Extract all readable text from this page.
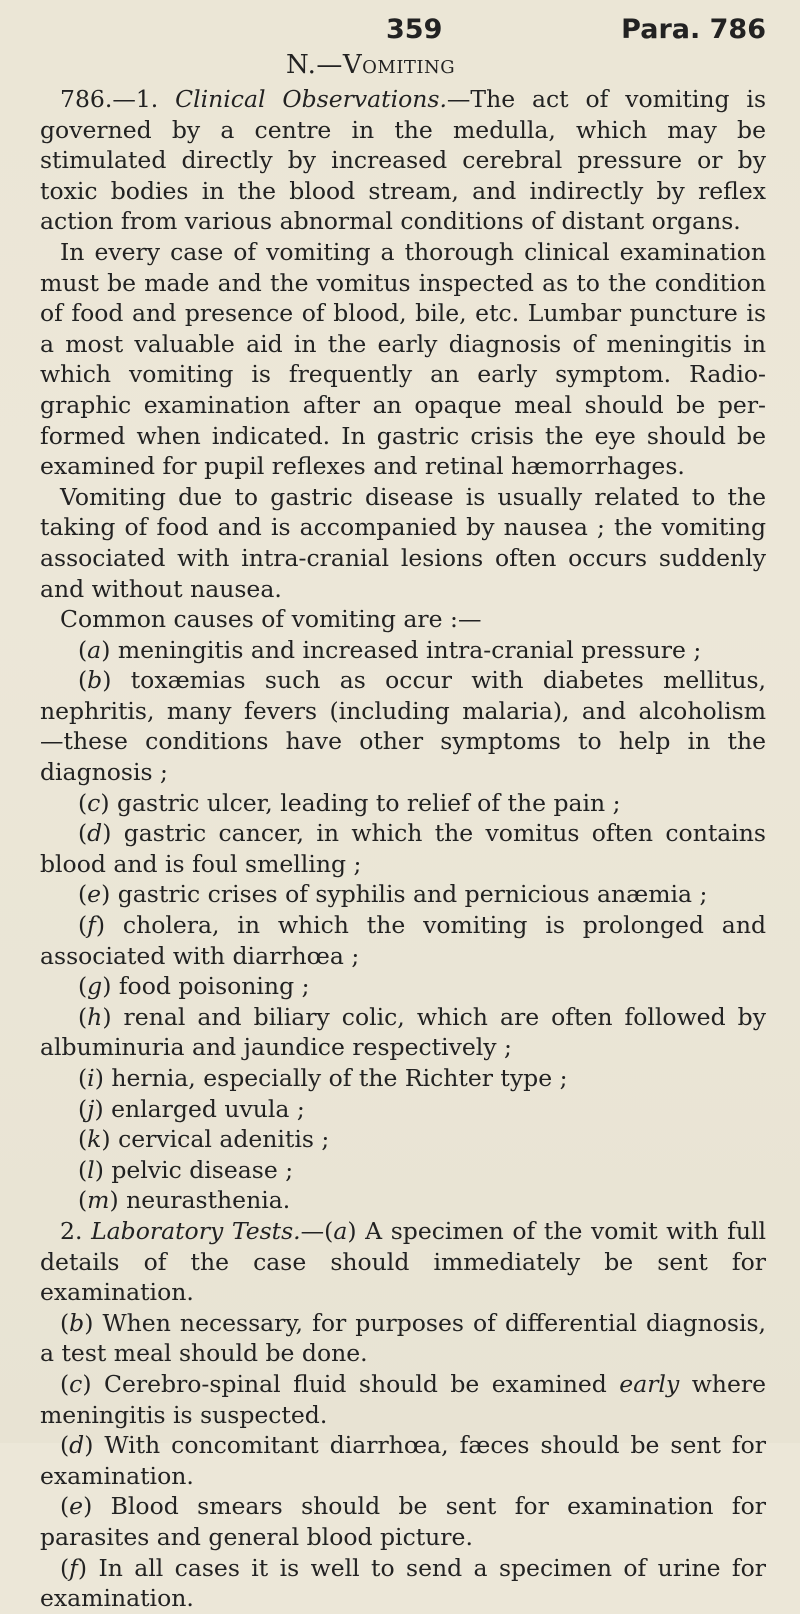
359	Para. 786
N.—Vomiting

786.—1. Clinical Observations.—The act of vomiting is governed by a centre in the medulla, which may be stimulated directly by increased cerebral pressure or by toxic bodies in the blood stream, and indirectly by reflex action from various abnormal conditions of distant organs.

In every case of vomiting a thorough clinical examination must be made and the vomitus inspected as to the condition of food and presence of blood, bile, etc. Lumbar puncture is a most valuable aid in the early diagnosis of meningitis in which vomiting is frequently an early symptom. Radio-graphic examination after an opaque meal should be per-formed when indicated. In gastric crisis the eye should be examined for pupil reflexes and retinal hæmorrhages.

Vomiting due to gastric disease is usually related to the taking of food and is accompanied by nausea ; the vomiting associated with intra-cranial lesions often occurs suddenly and without nausea.

Common causes of vomiting are :—

(a) meningitis and increased intra-cranial pressure ;

(b) toxæmias such as occur with diabetes mellitus, nephritis, many fevers (including malaria), and alcoholism —these conditions have other symptoms to help in the diagnosis ;

(c) gastric ulcer, leading to relief of the pain ;

(d) gastric cancer, in which the vomitus often contains blood and is foul smelling ;

(e) gastric crises of syphilis and pernicious anæmia ;

(f) cholera, in which the vomiting is prolonged and associated with diarrhœa ;

(g) food poisoning ;

(h) renal and biliary colic, which are often followed by albuminuria and jaundice respectively ;

(i) hernia, especially of the Richter type ;

(j) enlarged uvula ;

(k) cervical adenitis ;

(l) pelvic disease ;

(m) neurasthenia.

2. Laboratory Tests.—(a) A specimen of the vomit with full details of the case should immediately be sent for examination.

(b) When necessary, for purposes of differential diagnosis, a test meal should be done.

(c) Cerebro-spinal fluid should be examined early where meningitis is suspected.

(d) With concomitant diarrhœa, fæces should be sent for examination.

(e) Blood smears should be sent for examination for parasites and general blood picture.

(f) In all cases it is well to send a specimen of urine for examination.
